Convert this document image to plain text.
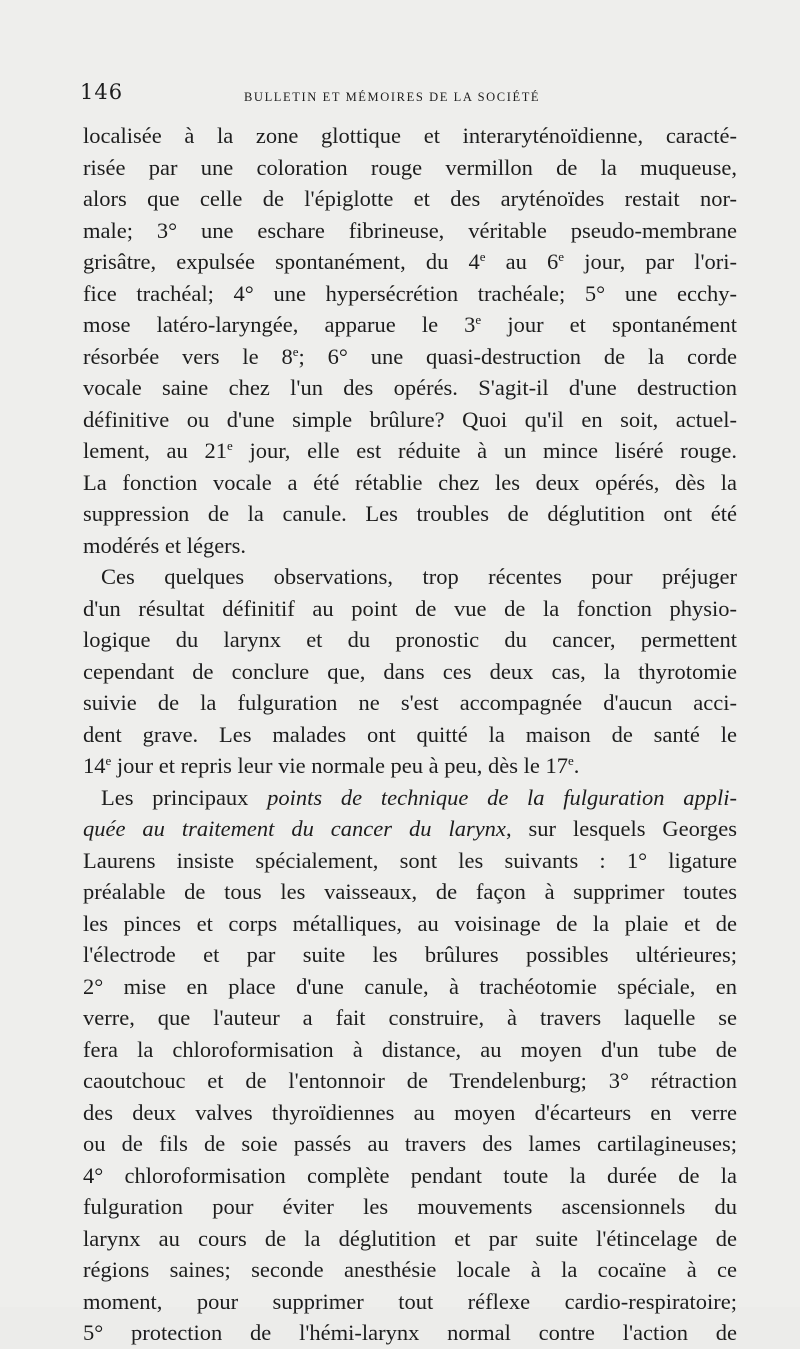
146	BULLETIN ET MÉMOIRES DE LA SOCIÉTÉ
localisée à la zone glottique et interaryténoïdienne, caracté-
risée par une coloration rouge vermillon de la muqueuse,
alors que celle de l'épiglotte et des aryténoïdes restait nor-
male; 3° une eschare fibrineuse, véritable pseudo-membrane
grisâtre, expulsée spontanément, du 4e au 6e jour, par l'ori-
fice trachéal; 4° une hypersécrétion trachéale; 5° une ecchy-
mose latéro-laryngée, apparue le 3e jour et spontanément
résorbée vers le 8e; 6° une quasi-destruction de la corde
vocale saine chez l'un des opérés. S'agit-il d'une destruction
définitive ou d'une simple brûlure? Quoi qu'il en soit, actuel-
lement, au 21e jour, elle est réduite à un mince liséré rouge.
La fonction vocale a été rétablie chez les deux opérés, dès la
suppression de la canule. Les troubles de déglutition ont été
modérés et légers.
Ces quelques observations, trop récentes pour préjuger
d'un résultat définitif au point de vue de la fonction physio-
logique du larynx et du pronostic du cancer, permettent
cependant de conclure que, dans ces deux cas, la thyrotomie
suivie de la fulguration ne s'est accompagnée d'aucun acci-
dent grave. Les malades ont quitté la maison de santé le
14e jour et repris leur vie normale peu à peu, dès le 17e.
Les principaux points de technique de la fulguration appli-
quée au traitement du cancer du larynx, sur lesquels Georges
Laurens insiste spécialement, sont les suivants : 1° ligature
préalable de tous les vaisseaux, de façon à supprimer toutes
les pinces et corps métalliques, au voisinage de la plaie et de
l'électrode et par suite les brûlures possibles ultérieures;
2° mise en place d'une canule, à trachéotomie spéciale, en
verre, que l'auteur a fait construire, à travers laquelle se
fera la chloroformisation à distance, au moyen d'un tube de
caoutchouc et de l'entonnoir de Trendelenburg; 3° rétraction
des deux valves thyroïdiennes au moyen d'écarteurs en verre
ou de fils de soie passés au travers des lames cartilagineuses;
4° chloroformisation complète pendant toute la durée de la
fulguration pour éviter les mouvements ascensionnels du
larynx au cours de la déglutition et par suite l'étincelage de
régions saines; seconde anesthésie locale à la cocaïne à ce
moment, pour supprimer tout réflexe cardio-respiratoire;
5° protection de l'hémi-larynx normal contre l'action de
